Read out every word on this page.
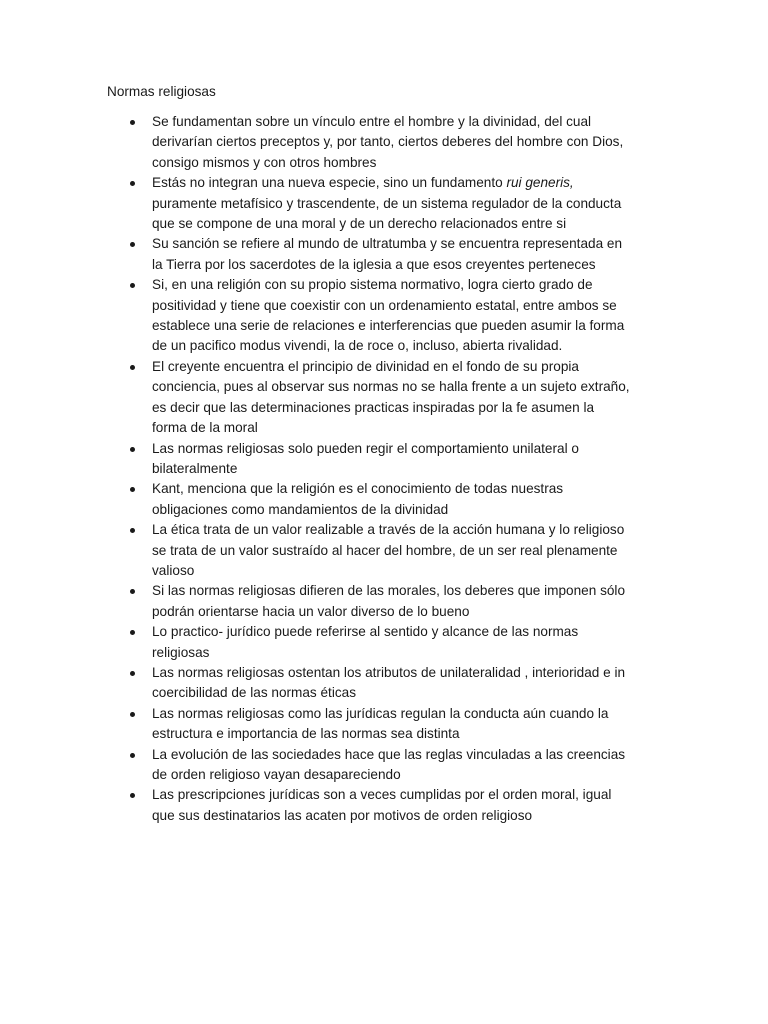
Normas religiosas
Se fundamentan sobre un vínculo entre el hombre y la divinidad, del cual
derivarían ciertos preceptos y, por tanto, ciertos deberes del hombre con Dios,
consigo mismos y con otros hombres
Estás no integran una nueva especie, sino un fundamento rui generis,
puramente metafísico y trascendente, de un sistema regulador de la conducta
que se compone de una moral y de un derecho relacionados entre si
Su sanción se refiere al mundo de ultratumba y se encuentra representada en
la Tierra por los sacerdotes de la iglesia a que esos creyentes perteneces
Si, en una religión con su propio sistema normativo, logra cierto grado de
positividad y tiene que coexistir con un ordenamiento estatal, entre ambos se
establece una serie de relaciones e interferencias que pueden asumir la forma
de un pacifico modus vivendi, la de roce o, incluso, abierta rivalidad.
El creyente encuentra el principio de divinidad en el fondo de su propia
conciencia, pues al observar sus normas no se halla frente a un sujeto extraño,
es decir que las determinaciones practicas inspiradas por la fe asumen la
forma de la moral
Las normas religiosas solo pueden regir el comportamiento unilateral o
bilateralmente
Kant, menciona que la religión es el conocimiento de todas nuestras
obligaciones como mandamientos de la divinidad
La ética trata de un valor realizable a través de la acción humana y lo religioso
se trata de un valor sustraído al hacer del hombre, de un ser real plenamente
valioso
Si las normas religiosas difieren de las morales, los deberes que imponen sólo
podrán orientarse hacia un valor diverso de lo bueno
Lo practico- jurídico puede referirse al sentido y alcance de las normas
religiosas
Las normas religiosas ostentan los atributos de unilateralidad , interioridad e in
coercibilidad de las normas éticas
Las normas religiosas como las jurídicas regulan la conducta aún cuando la
estructura e importancia de las normas sea distinta
La evolución de las sociedades hace que las reglas vinculadas a las creencias
de orden religioso vayan desapareciendo
Las prescripciones jurídicas son a veces cumplidas por el orden moral, igual
que sus destinatarios las acaten por motivos de orden religioso
